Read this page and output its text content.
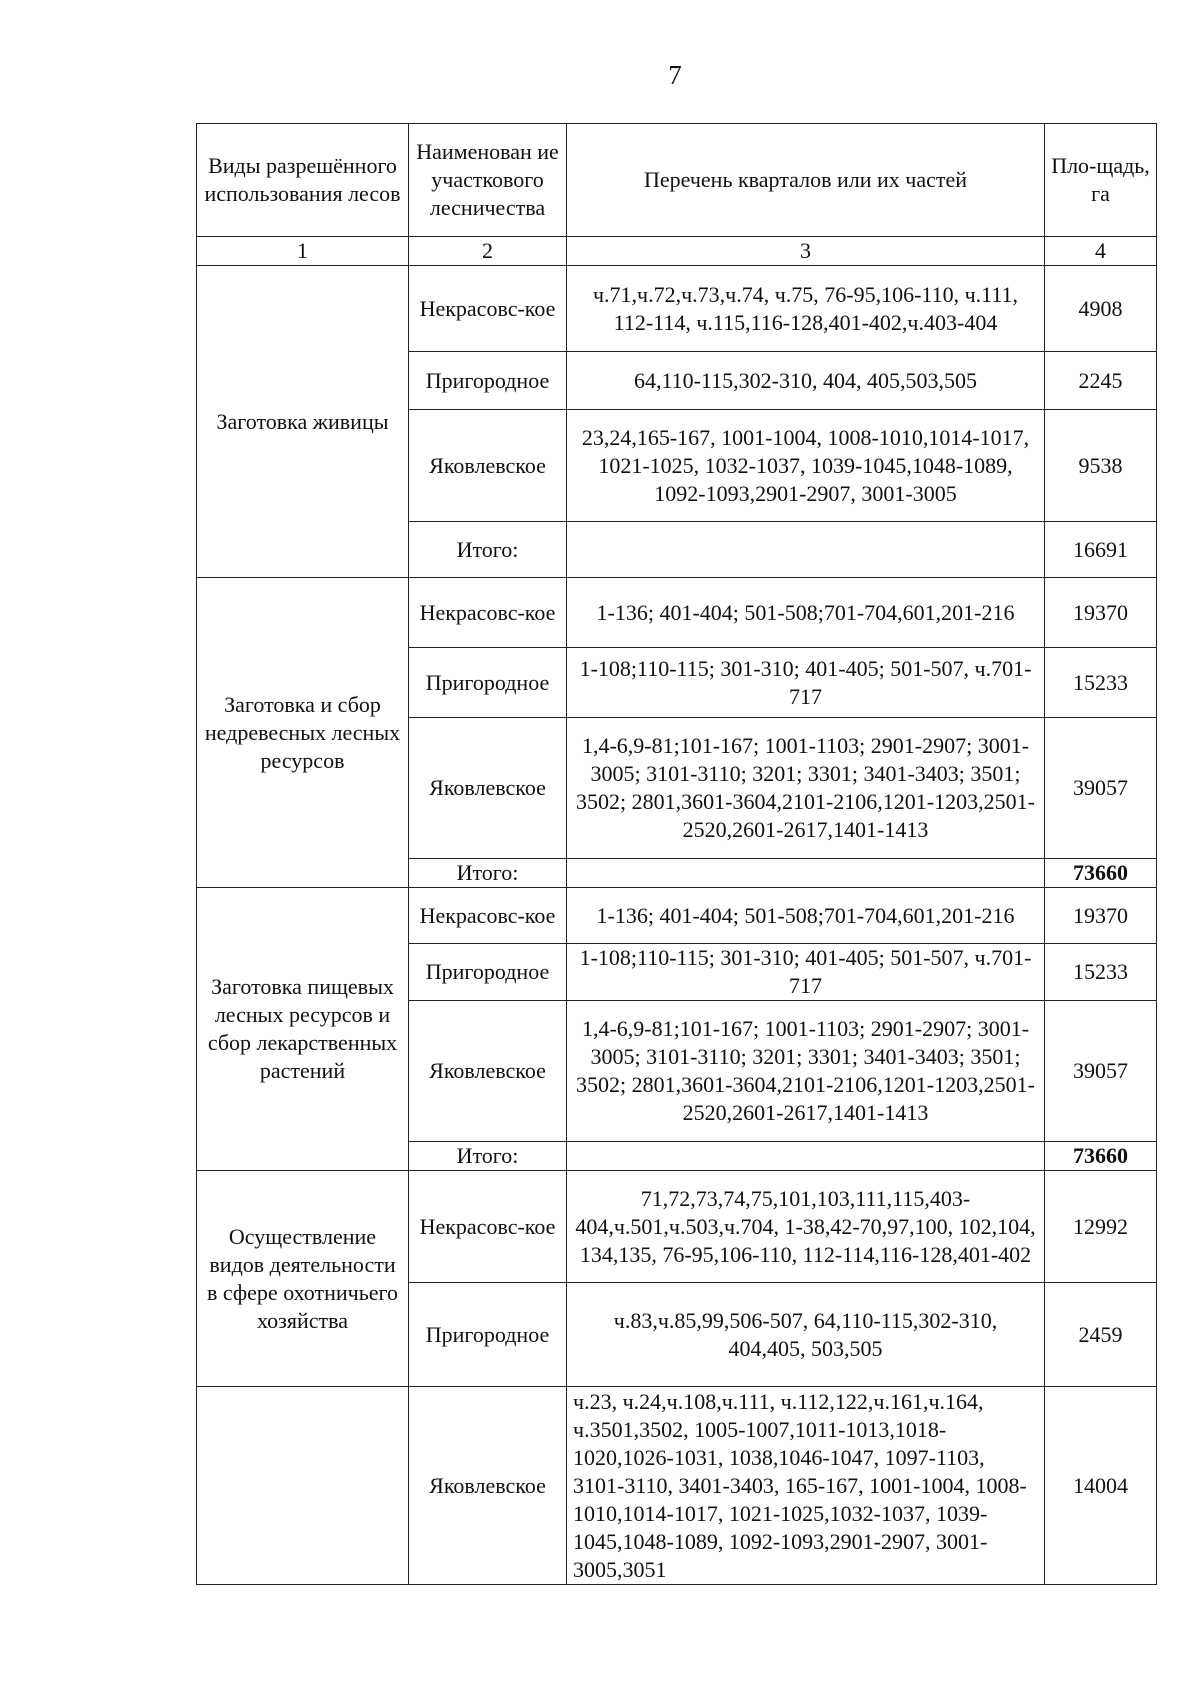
7
Виды разрешённого использования лесов	Наименован ие участкового лесничества	Перечень кварталов или их частей	Пло-щадь, га
1	2	3	4
Заготовка живицы	Некрасовс-кое	ч.71,ч.72,ч.73,ч.74, ч.75, 76-95,106-110, ч.111, 112-114, ч.115,116-128,401-402,ч.403-404	4908
	Пригородное	64,110-115,302-310, 404, 405,503,505	2245
	Яковлевское	23,24,165-167, 1001-1004, 1008-1010,1014-1017, 1021-1025, 1032-1037, 1039-1045,1048-1089, 1092-1093,2901-2907, 3001-3005	9538
	Итого:		16691
Заготовка и сбор недревесных лесных ресурсов	Некрасовс-кое	1-136; 401-404; 501-508;701-704,601,201-216	19370
	Пригородное	1-108;110-115; 301-310; 401-405; 501-507, ч.701-717	15233
	Яковлевское	1,4-6,9-81;101-167; 1001-1103; 2901-2907; 3001-3005; 3101-3110; 3201; 3301; 3401-3403; 3501; 3502; 2801,3601-3604,2101-2106,1201-1203,2501-2520,2601-2617,1401-1413	39057
	Итого:		73660
Заготовка пищевых лесных ресурсов и сбор лекарственных растений	Некрасовс-кое	1-136; 401-404; 501-508;701-704,601,201-216	19370
	Пригородное	1-108;110-115; 301-310; 401-405; 501-507, ч.701-717	15233
	Яковлевское	1,4-6,9-81;101-167; 1001-1103; 2901-2907; 3001-3005; 3101-3110; 3201; 3301; 3401-3403; 3501; 3502; 2801,3601-3604,2101-2106,1201-1203,2501-2520,2601-2617,1401-1413	39057
	Итого:		73660
Осуществление видов деятельности в сфере охотничьего хозяйства	Некрасовс-кое	71,72,73,74,75,101,103,111,115,403-404,ч.501,ч.503,ч.704, 1-38,42-70,97,100, 102,104, 134,135, 76-95,106-110, 112-114,116-128,401-402	12992
	Пригородное	ч.83,ч.85,99,506-507, 64,110-115,302-310, 404,405, 503,505	2459
	Яковлевское	ч.23, ч.24,ч.108,ч.111, ч.112,122,ч.161,ч.164, ч.3501,3502, 1005-1007,1011-1013,1018-1020,1026-1031, 1038,1046-1047, 1097-1103, 3101-3110, 3401-3403, 165-167, 1001-1004, 1008-1010,1014-1017, 1021-1025,1032-1037, 1039-1045,1048-1089, 1092-1093,2901-2907, 3001-3005,3051	14004
